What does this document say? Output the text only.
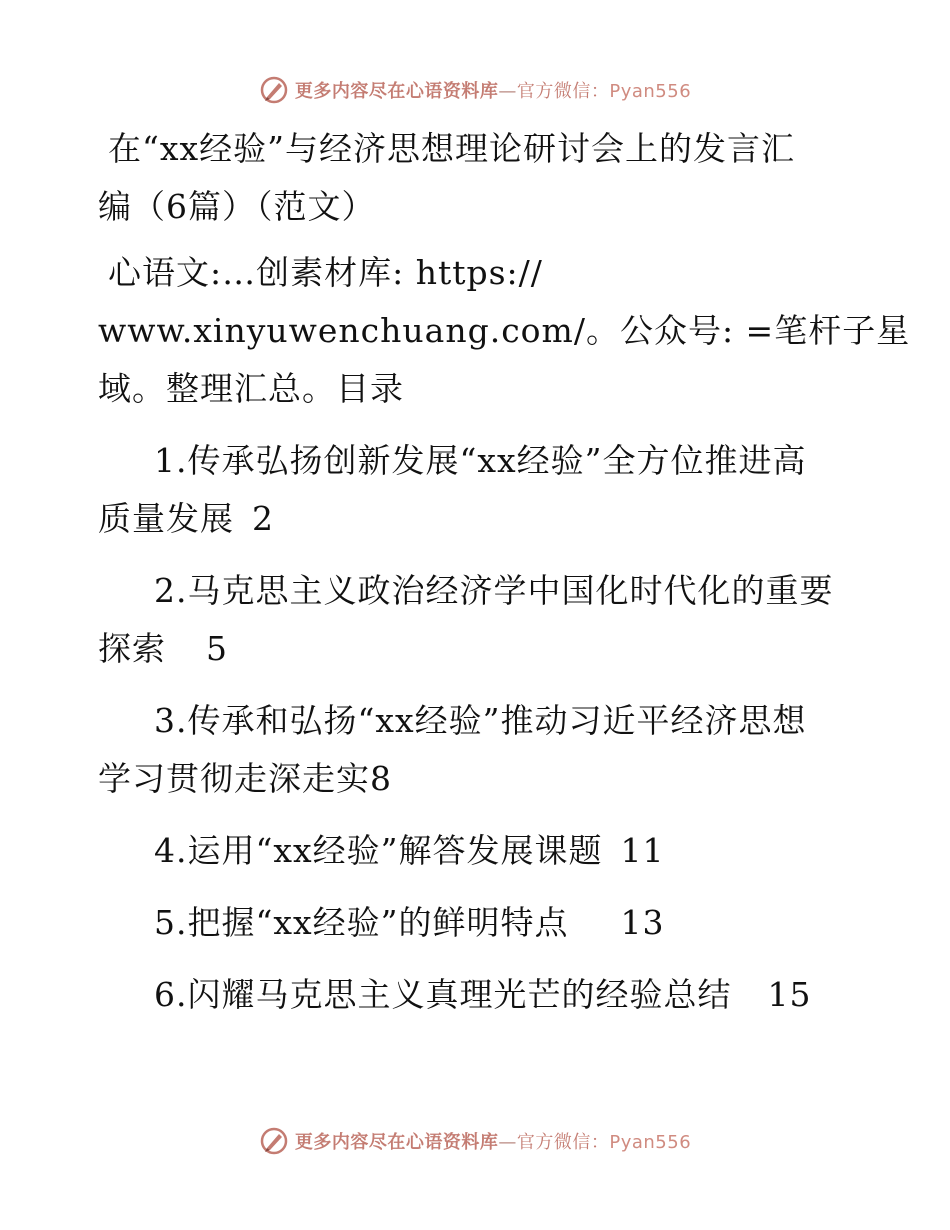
更多内容尽在心语资料库—官方微信：Pyan556
在“xx经验”与经济思想理论研讨会上的发言汇
编（6篇）（范文）
心语文:…创素材库: https://
www.xinyuwenchuang.com/。公众号: =笔杆子星
域。整理汇总。目录
1.传承弘扬创新发展“xx经验”全方位推进高
质量发展 2
2.马克思主义政治经济学中国化时代化的重要
探索 5
3.传承和弘扬“xx经验”推动习近平经济思想
学习贯彻走深走实8
4.运用“xx经验”解答发展课题 11
5.把握“xx经验”的鲜明特点 13
6.闪耀马克思主义真理光芒的经验总结 15
更多内容尽在心语资料库—官方微信：Pyan556
